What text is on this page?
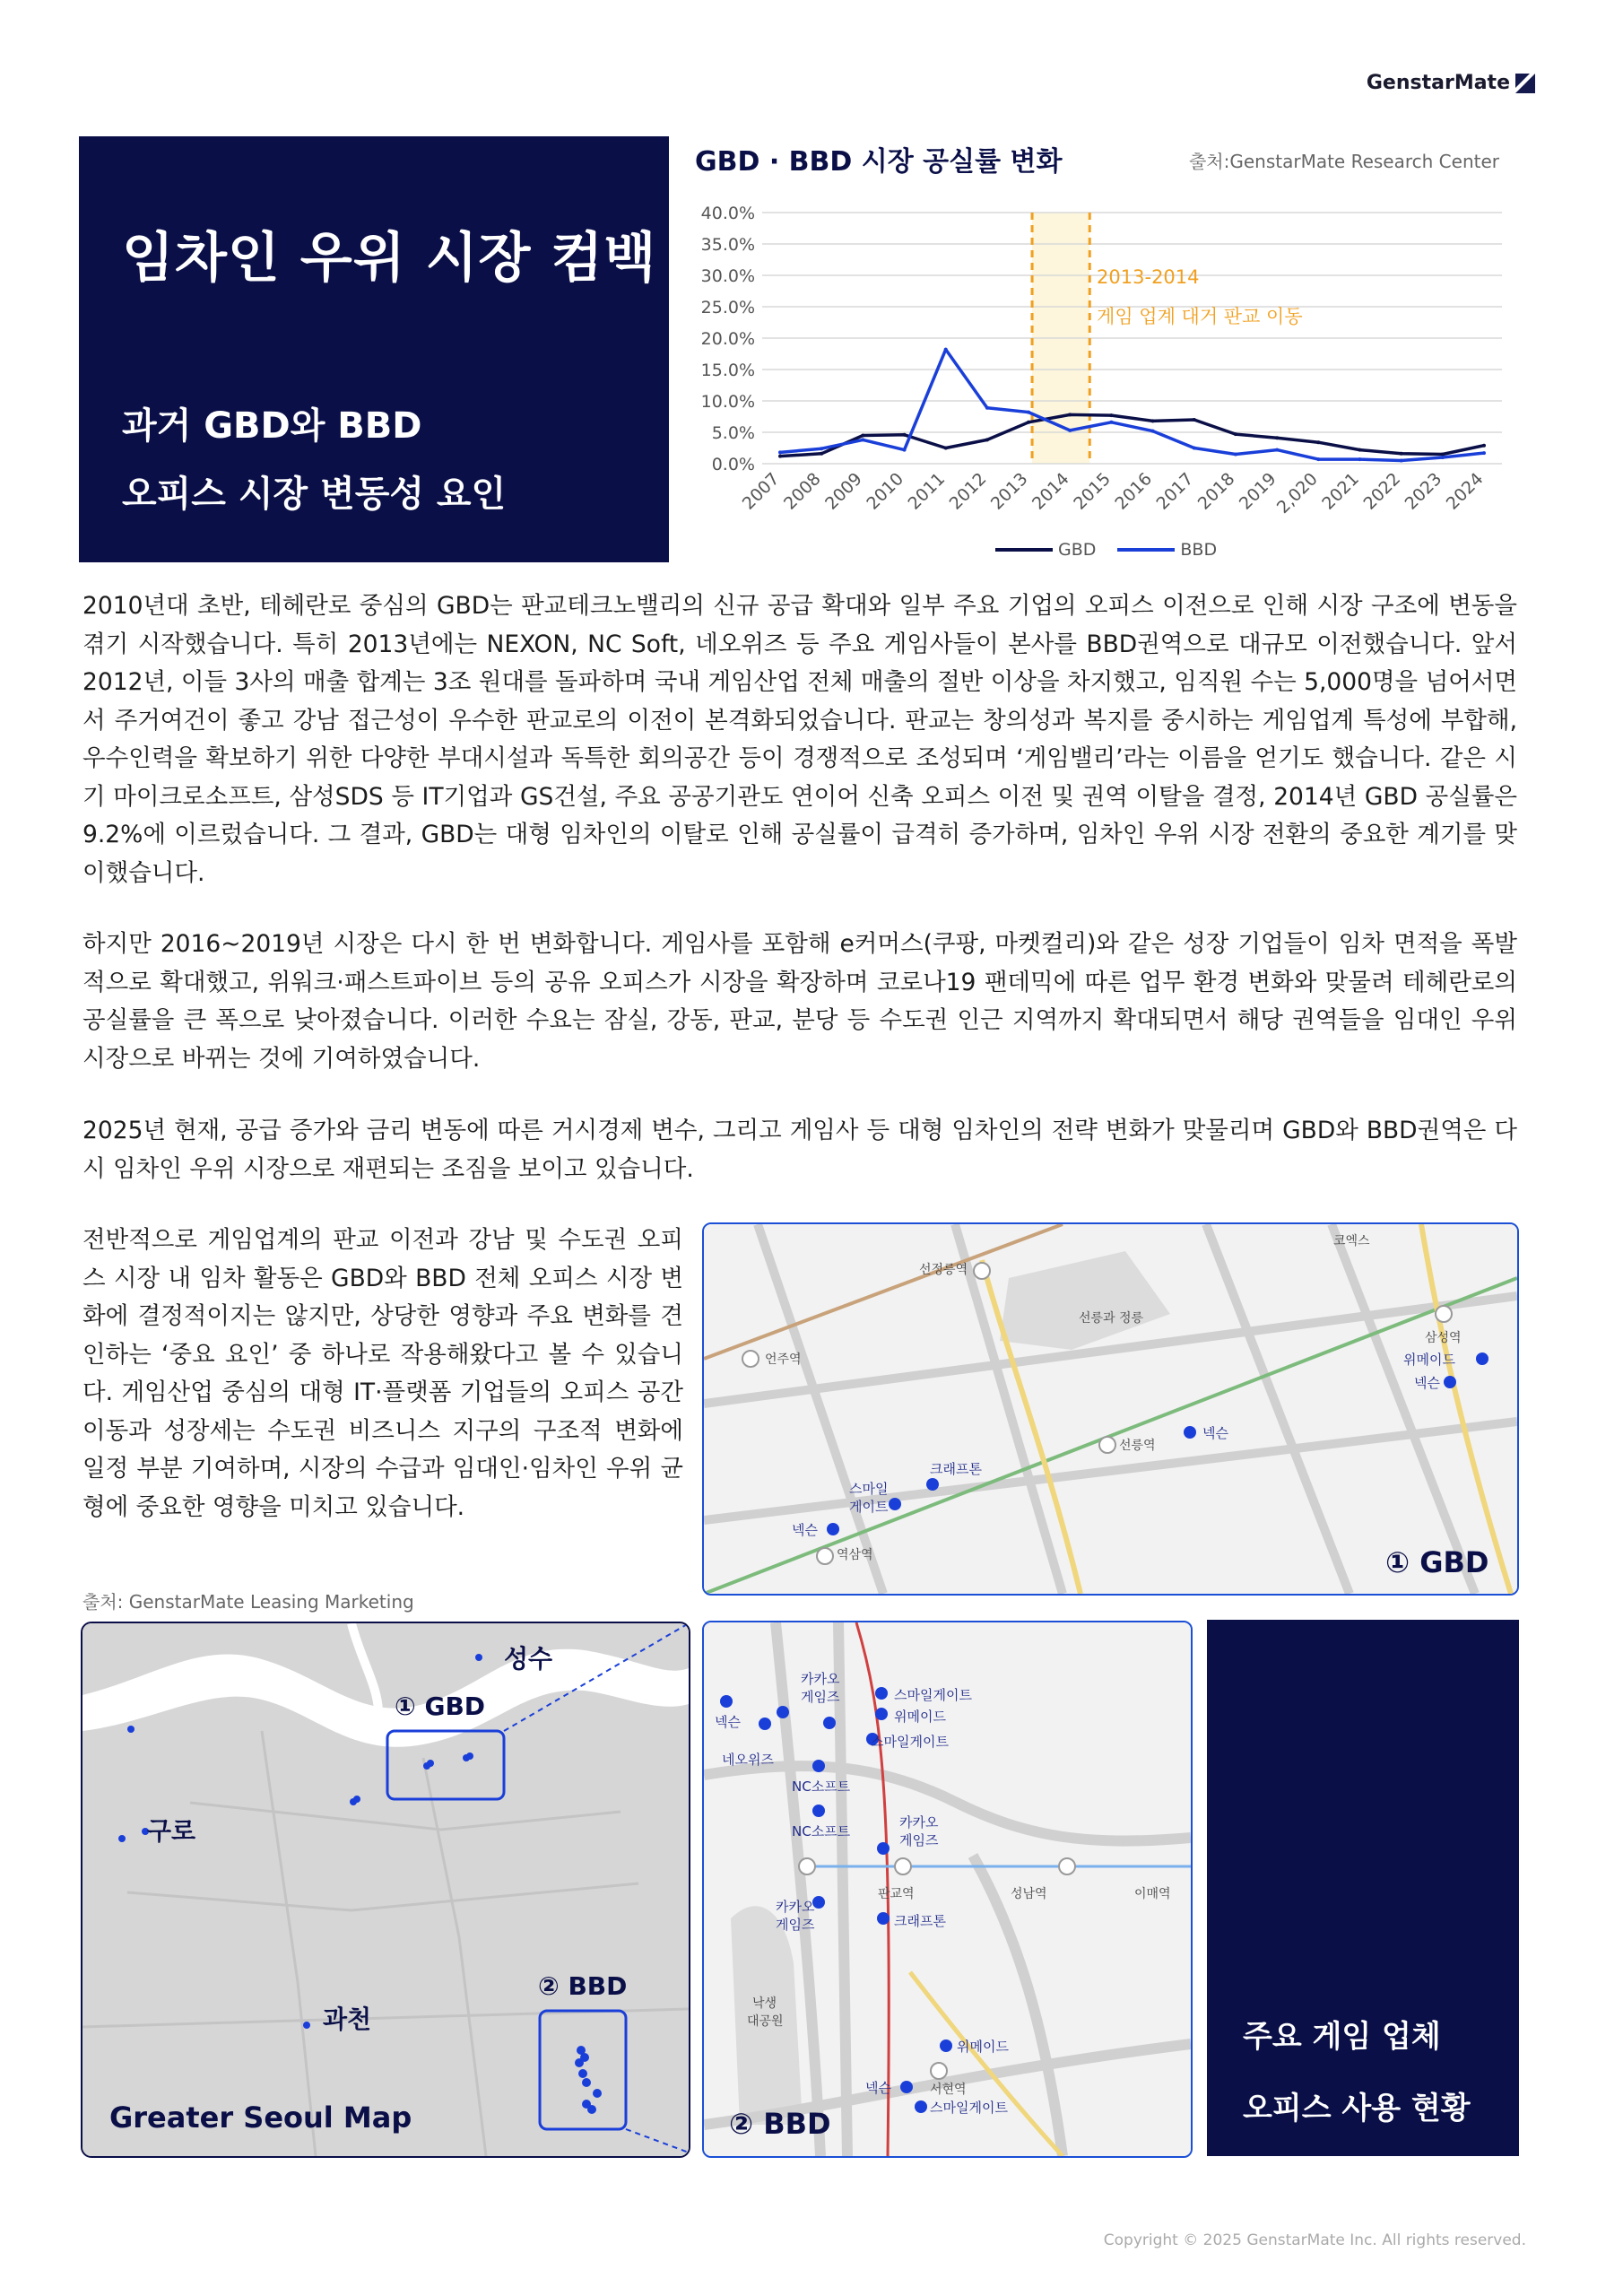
GenstarMate
임차인 우위 시장 컴백
과거 GBD와 BBD
오피스 시장 변동성 요인
GBD · BBD 시장 공실률 변화	출처:GenstarMate Research Center
0.0%
5.0%
10.0%
15.0%
20.0%
25.0%
30.0%
35.0%
40.0%
2013-2014
게임 업계 대거 판교 이동
2007
2008
2009
2010
2011
2012
2013
2014
2015
2016
2017
2018
2019
2,020
2021
2022
2023
2024
GBD	BBD
2010년대 초반, 테헤란로 중심의 GBD는 판교테크노밸리의 신규 공급 확대와 일부 주요 기업의 오피스 이전으로 인해 시장 구조에 변동을 겪기 시작했습니다. 특히 2013년에는 NEXON, NC Soft, 네오위즈 등 주요 게임사들이 본사를 BBD권역으로 대규모 이전했습니다. 앞서 2012년, 이들 3사의 매출 합계는 3조 원대를 돌파하며 국내 게임산업 전체 매출의 절반 이상을 차지했고, 임직원 수는 5,000명을 넘어서면서 주거여건이 좋고 강남 접근성이 우수한 판교로의 이전이 본격화되었습니다. 판교는 창의성과 복지를 중시하는 게임업계 특성에 부합해, 우수인력을 확보하기 위한 다양한 부대시설과 독특한 회의공간 등이 경쟁적으로 조성되며 ‘게임밸리’라는 이름을 얻기도 했습니다. 같은 시기 마이크로소프트, 삼성SDS 등 IT기업과 GS건설, 주요 공공기관도 연이어 신축 오피스 이전 및 권역 이탈을 결정, 2014년 GBD 공실률은 9.2%에 이르렀습니다. 그 결과, GBD는 대형 임차인의 이탈로 인해 공실률이 급격히 증가하며, 임차인 우위 시장 전환의 중요한 계기를 맞이했습니다.
하지만 2016~2019년 시장은 다시 한 번 변화합니다. 게임사를 포함해 e커머스(쿠팡, 마켓컬리)와 같은 성장 기업들이 임차 면적을 폭발적으로 확대했고, 위워크·패스트파이브 등의 공유 오피스가 시장을 확장하며 코로나19 팬데믹에 따른 업무 환경 변화와 맞물려 테헤란로의 공실률을 큰 폭으로 낮아졌습니다. 이러한 수요는 잠실, 강동, 판교, 분당 등 수도권 인근 지역까지 확대되면서 해당 권역들을 임대인 우위 시장으로 바뀌는 것에 기여하였습니다.
2025년 현재, 공급 증가와 금리 변동에 따른 거시경제 변수, 그리고 게임사 등 대형 임차인의 전략 변화가 맞물리며 GBD와 BBD권역은 다시 임차인 우위 시장으로 재편되는 조짐을 보이고 있습니다.
전반적으로 게임업계의 판교 이전과 강남 및 수도권 오피스 시장 내 임차 활동은 GBD와 BBD 전체 오피스 시장 변화에 결정적이지는 않지만, 상당한 영향과 주요 변화를 견인하는 ‘중요 요인’ 중 하나로 작용해왔다고 볼 수 있습니다. 게임산업 중심의 대형 IT·플랫폼 기업들의 오피스 공간 이동과 성장세는 수도권 비즈니스 지구의 구조적 변화에 일정 부분 기여하며, 시장의 수급과 임대인·임차인 우위 균형에 중요한 영향을 미치고 있습니다.
출처: GenstarMate Leasing Marketing
성수
① GBD
구로
과천
② BBD
Greater Seoul Map
선정릉역
언주역
선릉역
역삼역
삼성역
선릉과 정릉
코엑스
넥슨
크래프톤
스마일
게이트
넥슨
위메이드
넥슨
① GBD
카카오
게임즈
넥슨
네오위즈
스마일게이트
위메이드
스마일게이트
NC소프트
NC소프트
카카오
게임즈
카카오
게임즈	크래프톤
판교역	성남역	이매역
낙생
대공원
위메이드
넥슨	서현역
스마일게이트
② BBD
주요 게임 업체
오피스 사용 현황
Copyright © 2025 GenstarMate Inc. All rights reserved.
